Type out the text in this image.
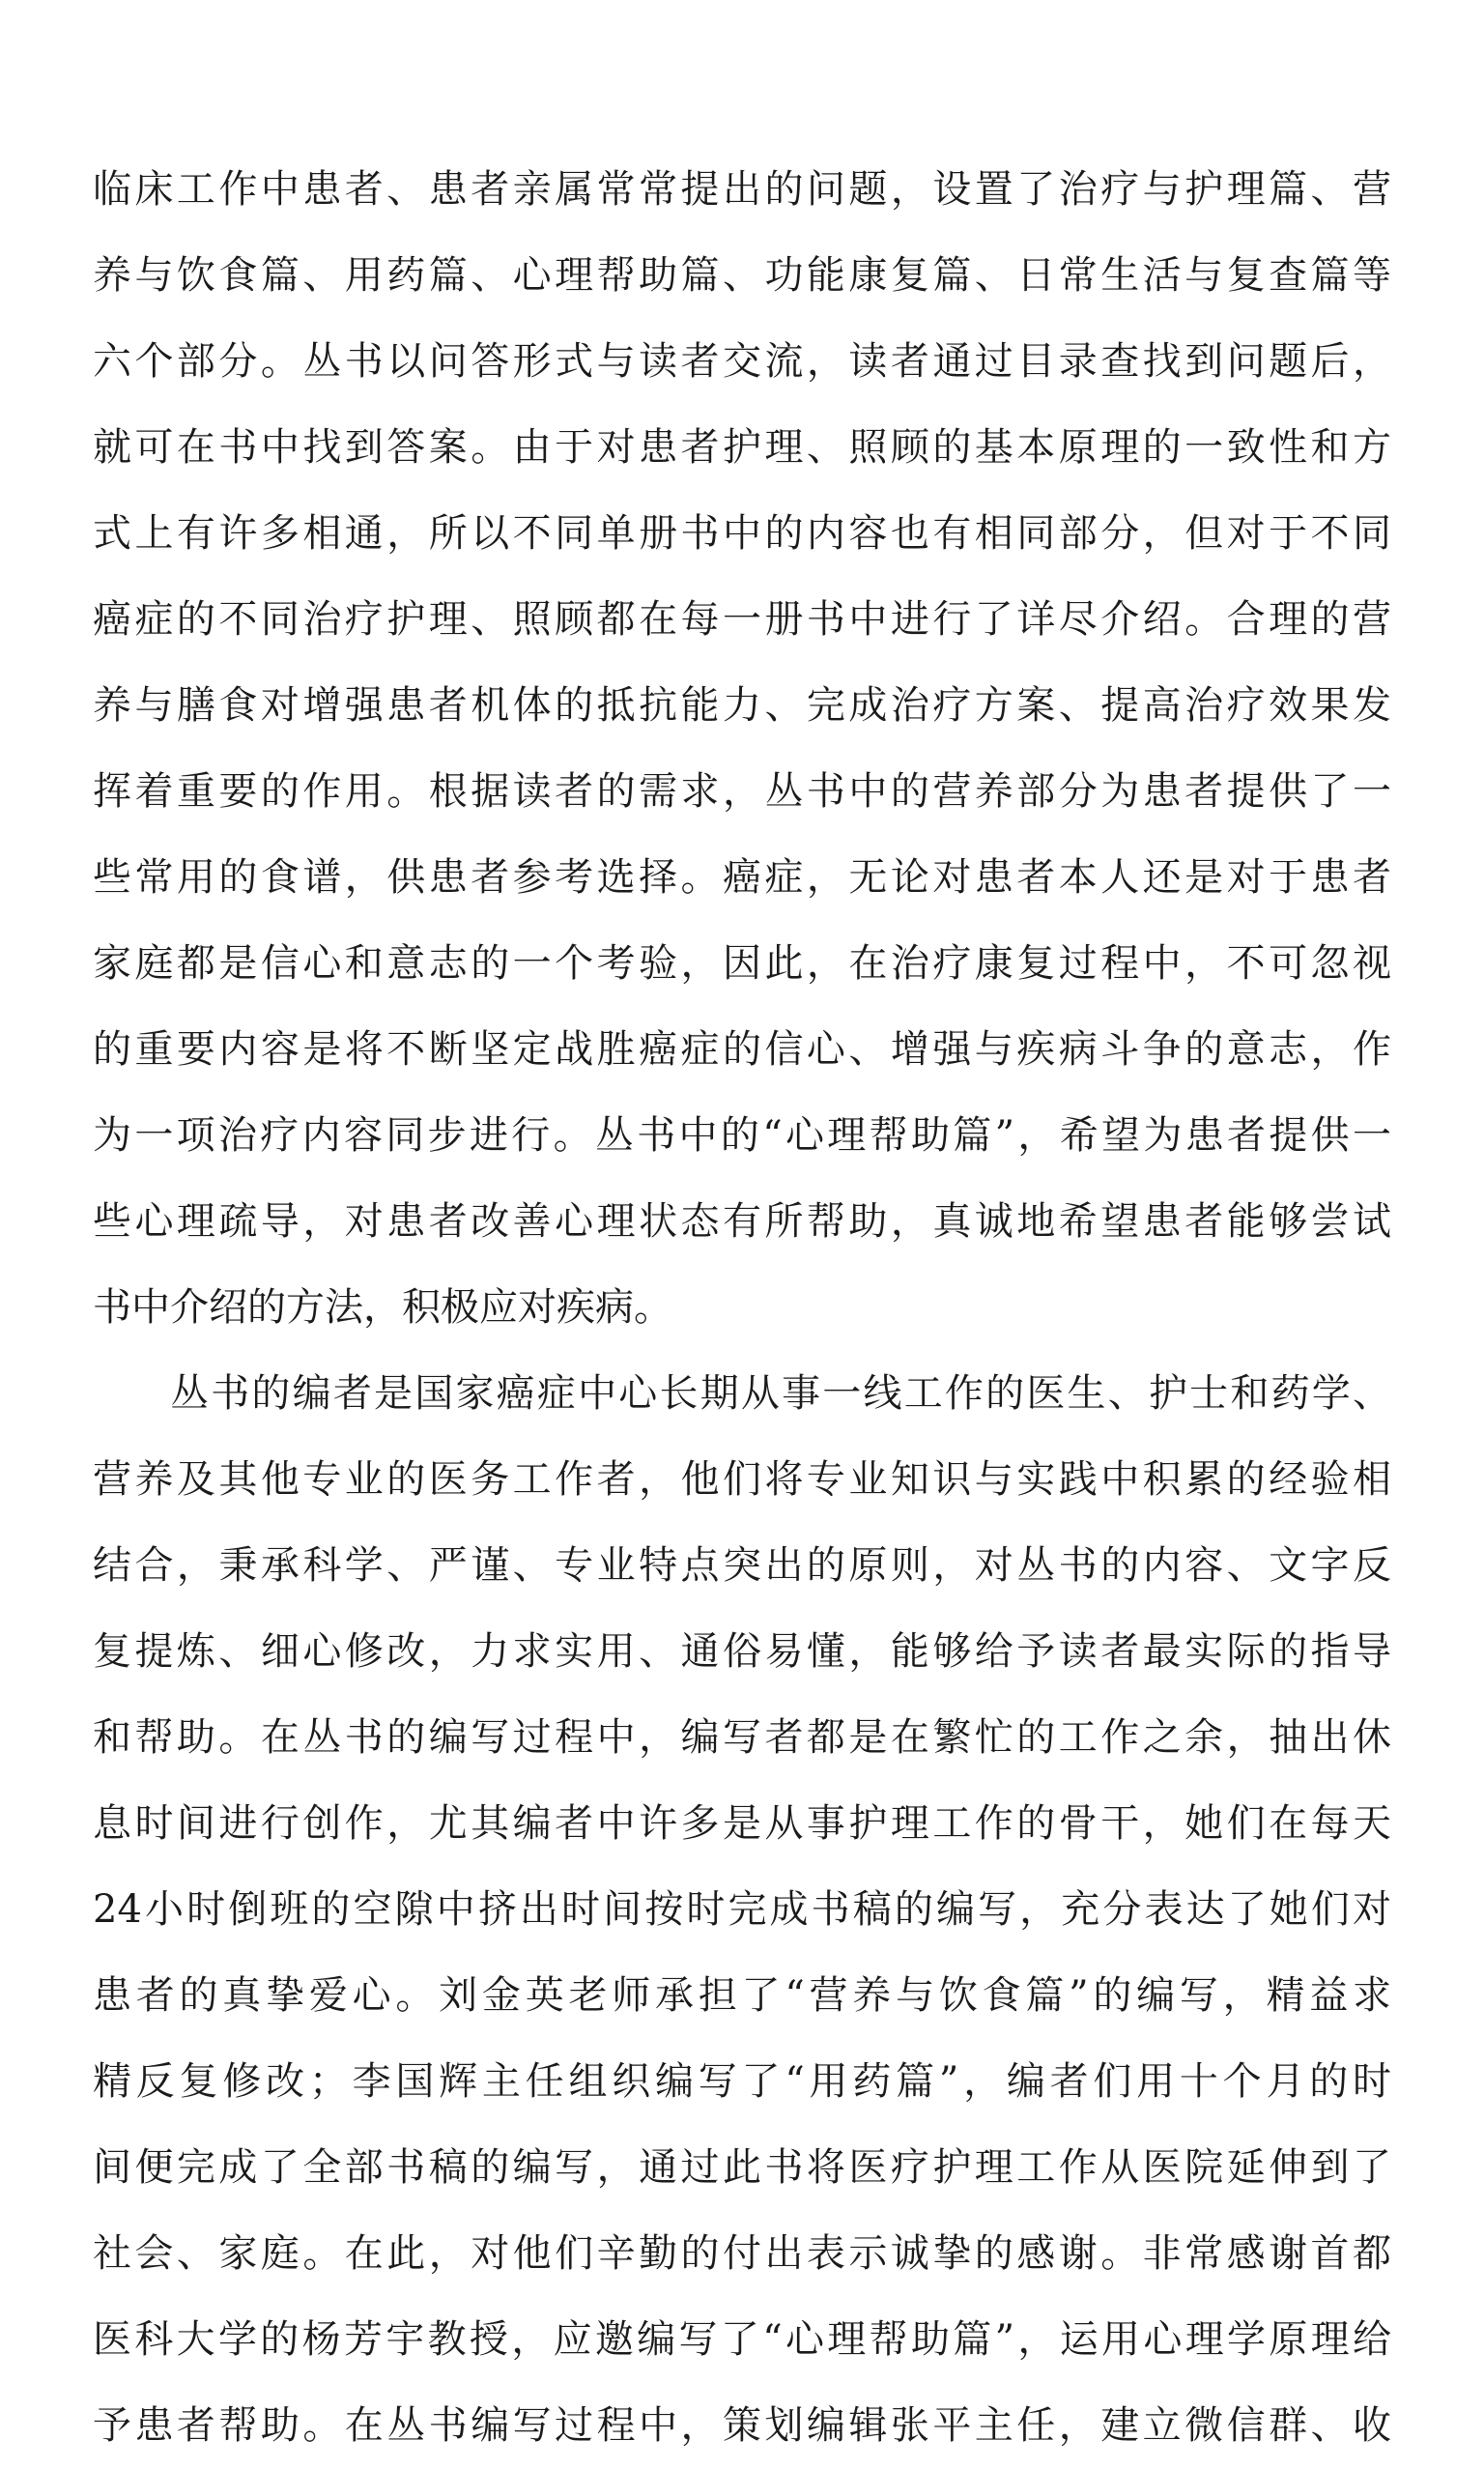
临床工作中患者、患者亲属常常提出的问题，设置了治疗与护理篇、营
养与饮食篇、用药篇、心理帮助篇、功能康复篇、日常生活与复查篇等
六个部分。丛书以问答形式与读者交流，读者通过目录查找到问题后，
就可在书中找到答案。由于对患者护理、照顾的基本原理的一致性和方
式上有许多相通，所以不同单册书中的内容也有相同部分，但对于不同
癌症的不同治疗护理、照顾都在每一册书中进行了详尽介绍。合理的营
养与膳食对增强患者机体的抵抗能力、完成治疗方案、提高治疗效果发
挥着重要的作用。根据读者的需求，丛书中的营养部分为患者提供了一
些常用的食谱，供患者参考选择。癌症，无论对患者本人还是对于患者
家庭都是信心和意志的一个考验，因此，在治疗康复过程中，不可忽视
的重要内容是将不断坚定战胜癌症的信心、增强与疾病斗争的意志，作
为一项治疗内容同步进行。丛书中的“心理帮助篇”，希望为患者提供一
些心理疏导，对患者改善心理状态有所帮助，真诚地希望患者能够尝试
书中介绍的方法，积极应对疾病。
丛书的编者是国家癌症中心长期从事一线工作的医生、护士和药学、
营养及其他专业的医务工作者，他们将专业知识与实践中积累的经验相
结合，秉承科学、严谨、专业特点突出的原则，对丛书的内容、文字反
复提炼、细心修改，力求实用、通俗易懂，能够给予读者最实际的指导
和帮助。在丛书的编写过程中，编写者都是在繁忙的工作之余，抽出休
息时间进行创作，尤其编者中许多是从事护理工作的骨干，她们在每天
24小时倒班的空隙中挤出时间按时完成书稿的编写，充分表达了她们对
患者的真挚爱心。刘金英老师承担了“营养与饮食篇”的编写，精益求
精反复修改；李国辉主任组织编写了“用药篇”，编者们用十个月的时
间便完成了全部书稿的编写，通过此书将医疗护理工作从医院延伸到了
社会、家庭。在此，对他们辛勤的付出表示诚挚的感谢。非常感谢首都
医科大学的杨芳宇教授，应邀编写了“心理帮助篇”，运用心理学原理给
予患者帮助。在丛书编写过程中，策划编辑张平主任，建立微信群、收
